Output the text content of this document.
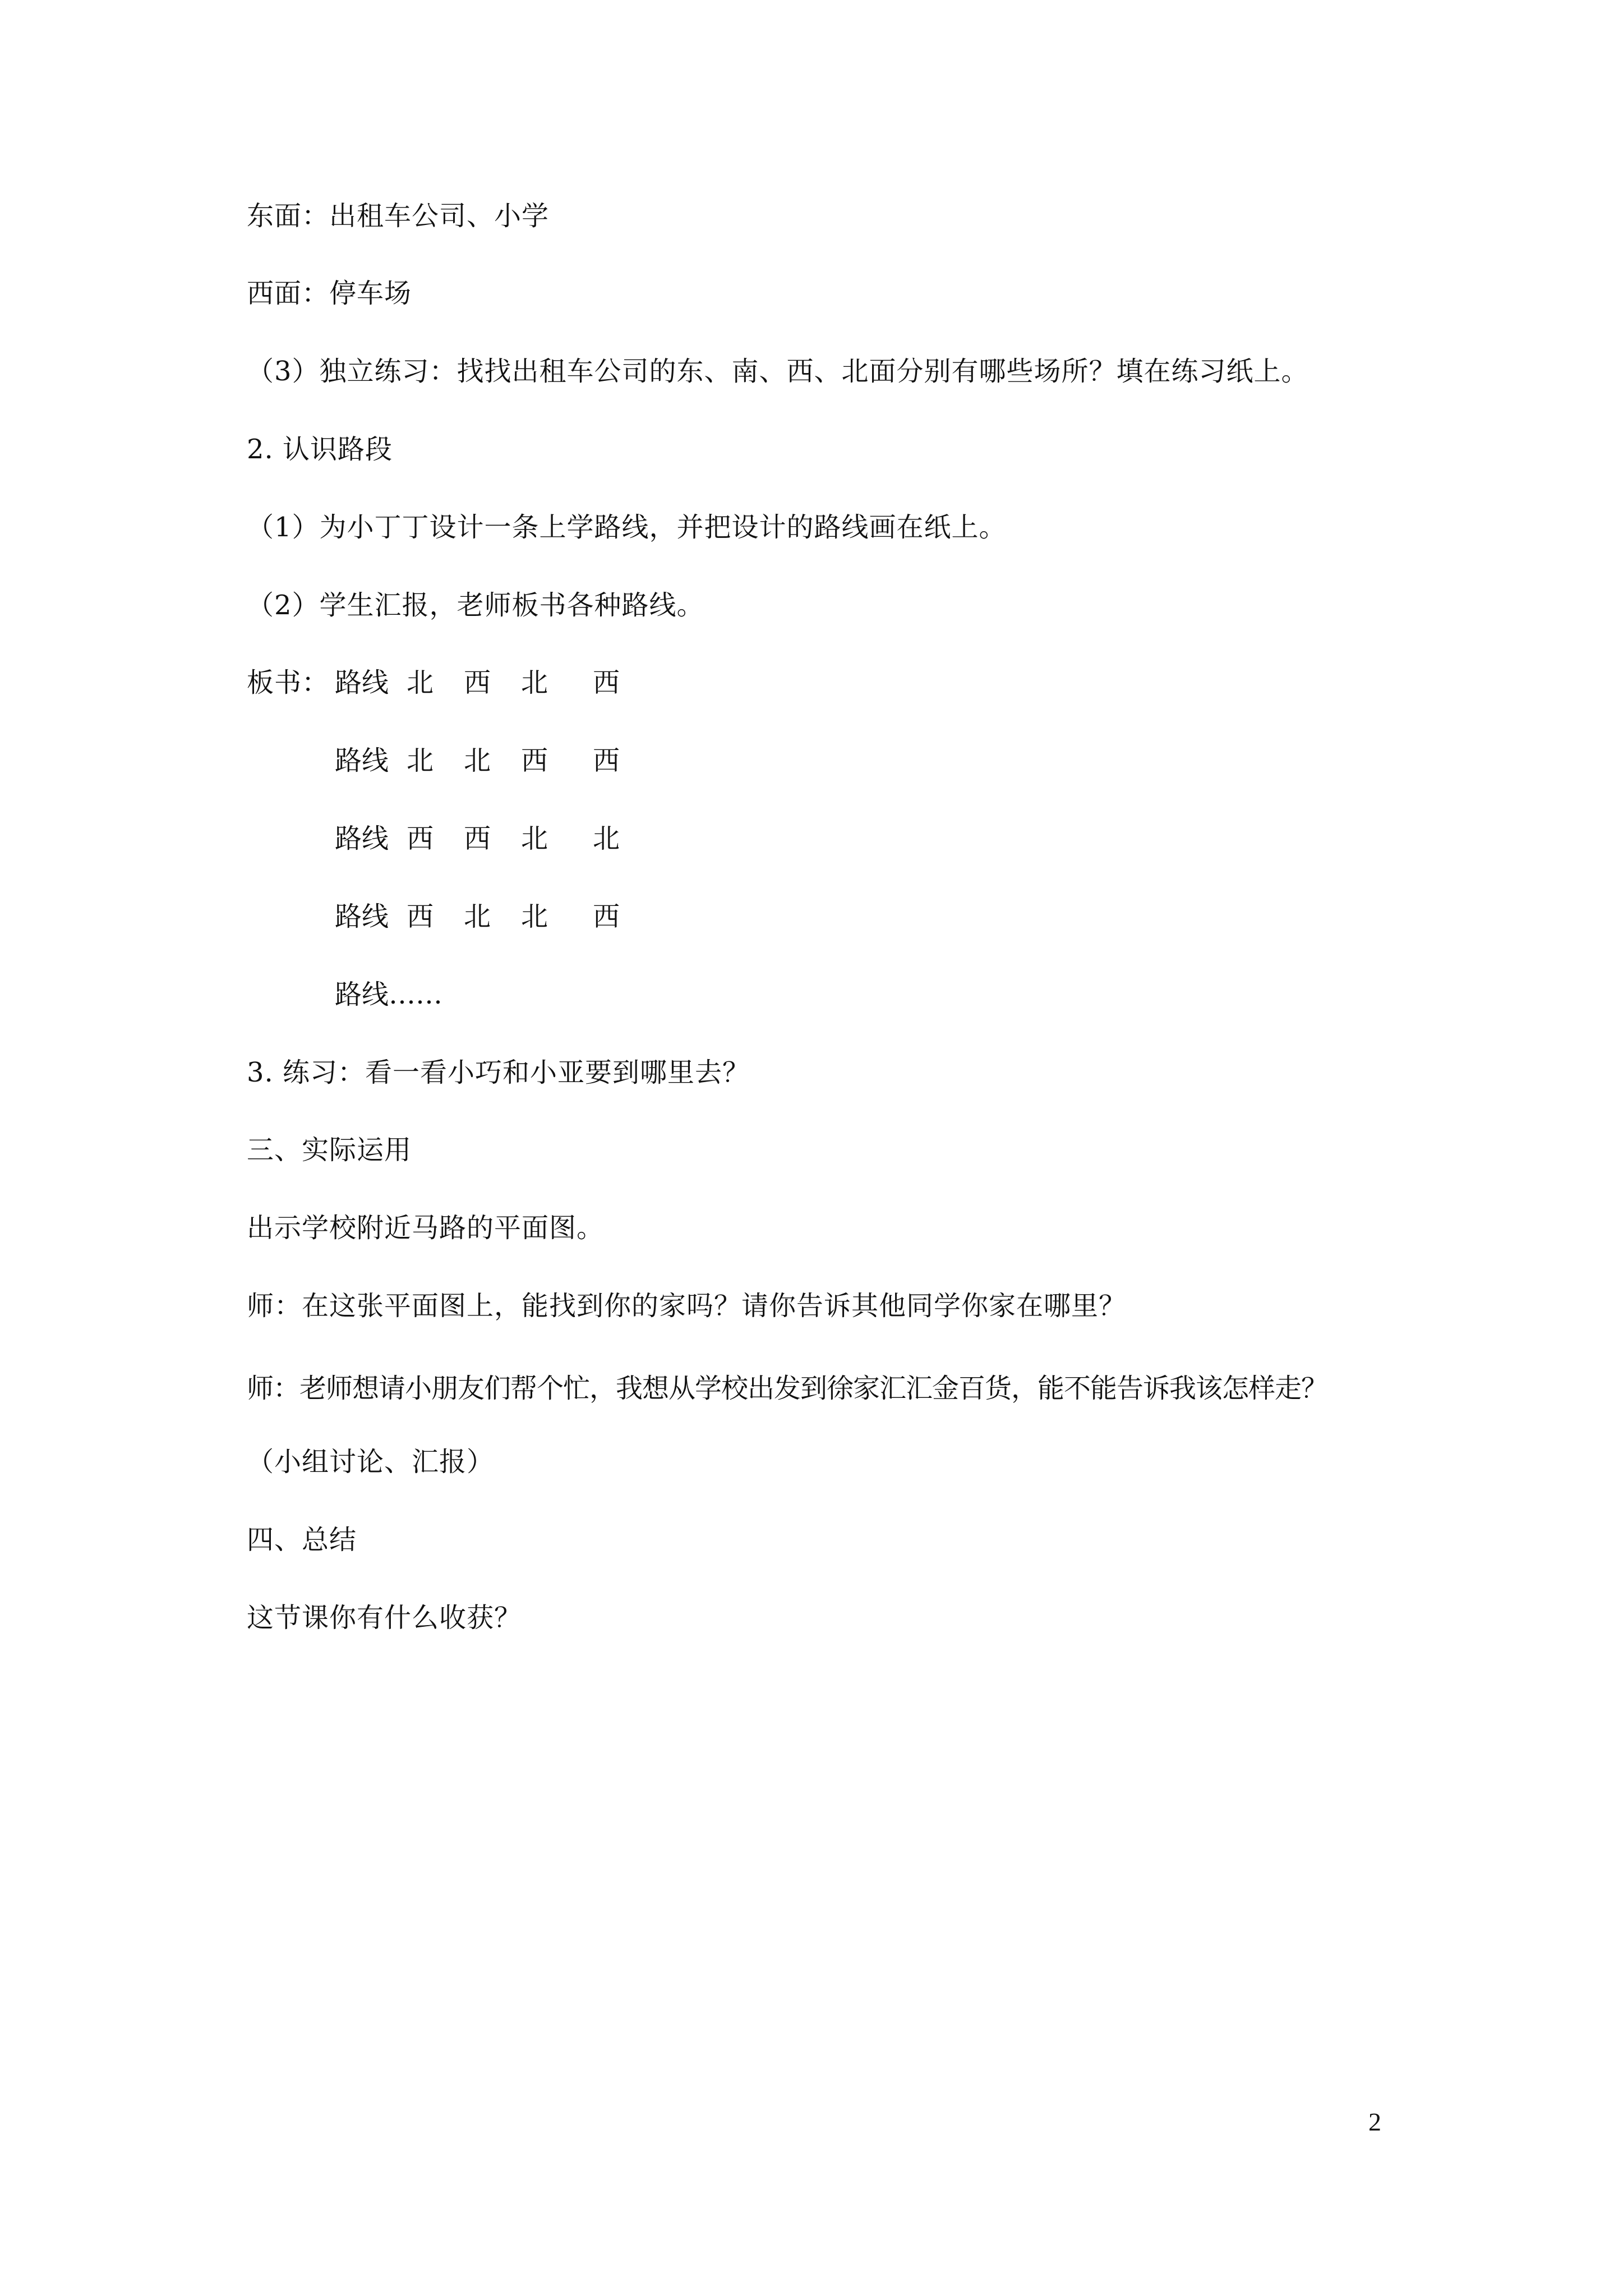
东面：出租车公司、小学
西面：停车场
（3）独立练习：找找出租车公司的东、南、西、北面分别有哪些场所？填在练习纸上。
2. 认识路段
（1）为小丁丁设计一条上学路线，并把设计的路线画在纸上。
（2）学生汇报，老师板书各种路线。
板书： 路线 北 西 北 西
路线 北 北 西 西
路线 西 西 北 北
路线 西 北 北 西
路线……
3. 练习：看一看小巧和小亚要到哪里去？
三、实际运用
出示学校附近马路的平面图。
师：在这张平面图上，能找到你的家吗？请你告诉其他同学你家在哪里？
师：老师想请小朋友们帮个忙，我想从学校出发到徐家汇汇金百货，能不能告诉我该怎样走？
（小组讨论、汇报）
四、总结
这节课你有什么收获？
2
